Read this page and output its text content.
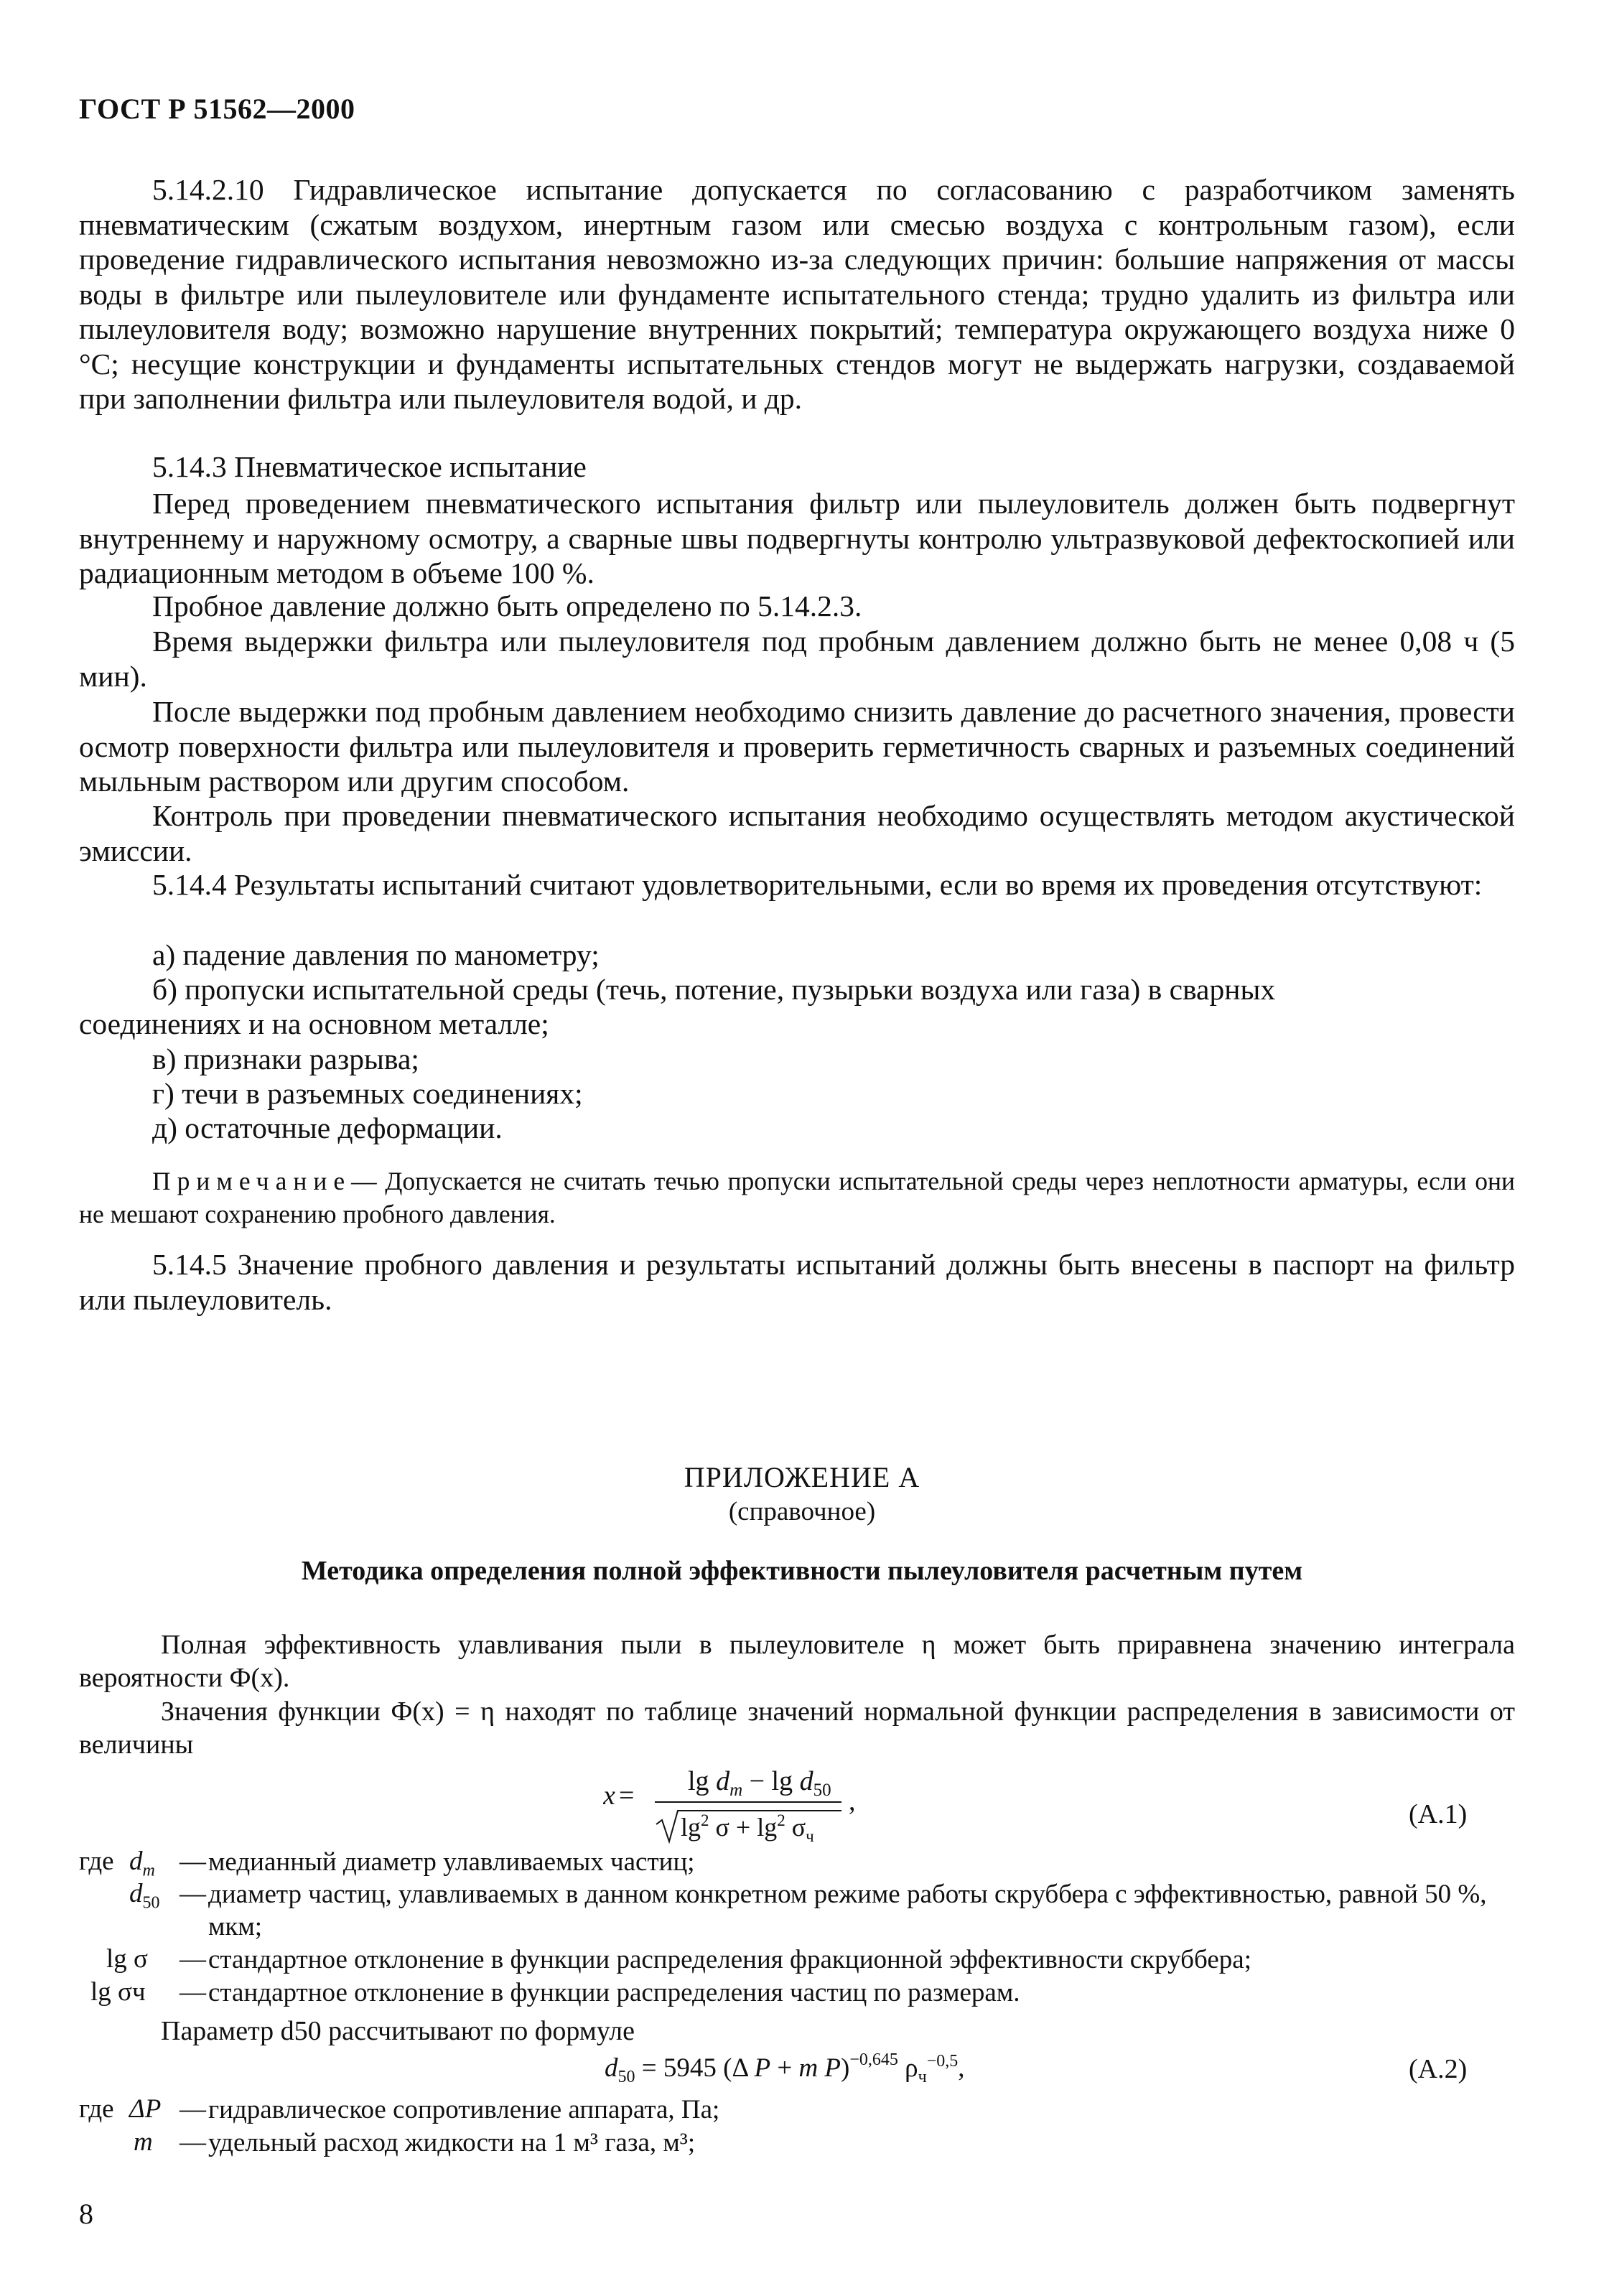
ГОСТ Р 51562—2000

5.14.2.10 Гидравлическое испытание допускается по согласованию с разработчиком заменять пневматическим (сжатым воздухом, инертным газом или смесью воздуха с контрольным газом), если проведение гидравлического испытания невозможно из-за следующих причин: большие напряжения от массы воды в фильтре или пылеуловителе или фундаменте испытательного стенда; трудно удалить из фильтра или пылеуловителя воду; возможно нарушение внутренних покрытий; температура окружающего воздуха ниже 0 °С; несущие конструкции и фундаменты испытательных стендов могут не выдержать нагрузки, создаваемой при заполнении фильтра или пылеуловителя водой, и др.

5.14.3 Пневматическое испытание

Перед проведением пневматического испытания фильтр или пылеуловитель должен быть подвергнут внутреннему и наружному осмотру, а сварные швы подвергнуты контролю ультразвуковой дефектоскопией или радиационным методом в объеме 100 %.

Пробное давление должно быть определено по 5.14.2.3.

Время выдержки фильтра или пылеуловителя под пробным давлением должно быть не менее 0,08 ч (5 мин).

После выдержки под пробным давлением необходимо снизить давление до расчетного значения, провести осмотр поверхности фильтра или пылеуловителя и проверить герметичность сварных и разъемных соединений мыльным раствором или другим способом.

Контроль при проведении пневматического испытания необходимо осуществлять методом акустической эмиссии.

5.14.4 Результаты испытаний считают удовлетворительными, если во время их проведения отсутствуют:

а) падение давления по манометру;

б) пропуски испытательной среды (течь, потение, пузырьки воздуха или газа) в сварных

соединениях и на основном металле;

в) признаки разрыва;

г) течи в разъемных соединениях;

д) остаточные деформации.

Примечание— Допускается не считать течью пропуски испытательной среды через неплотности арматуры, если они не мешают сохранению пробного давления.

5.14.5 Значение пробного давления и результаты испытаний должны быть внесены в паспорт на фильтр или пылеуловитель.

ПРИЛОЖЕНИЕ А
(справочное)
Методика определения полной эффективности пылеуловителя расчетным путем

Полная эффективность улавливания пыли в пылеуловителе η может быть приравнена значению интеграла вероятности Ф(x).

Значения функции Ф(x) = η находят по таблице значений нормальной функции распределения в зависимости от величины

$x = \lg d_m - \lg d_{50}$
$\lg^2 \sigma + \lg^2 \sigma_ч$
,	(А.1)
где $d_m$ — медианный диаметр улавливаемых частиц;
$d_{50}$ — диаметр частиц, улавливаемых в данном конкретном режиме работы скруббера с эффективностью, равной 50 %, мкм;
lg σ — стандартное отклонение в функции распределения фракционной эффективности скруббера;
lg σч — стандартное отклонение в функции распределения частиц по размерам.

Параметр d50 рассчитывают по формуле

$d_{50} = 5945$ (Δ P + m P)$^{-0,645}$ $\rho_ч^{-0,5}$,	(А.2)
где ΔP — гидравлическое сопротивление аппарата, Па;
m — удельный расход жидкости на 1 м³ газа, м³;
8
